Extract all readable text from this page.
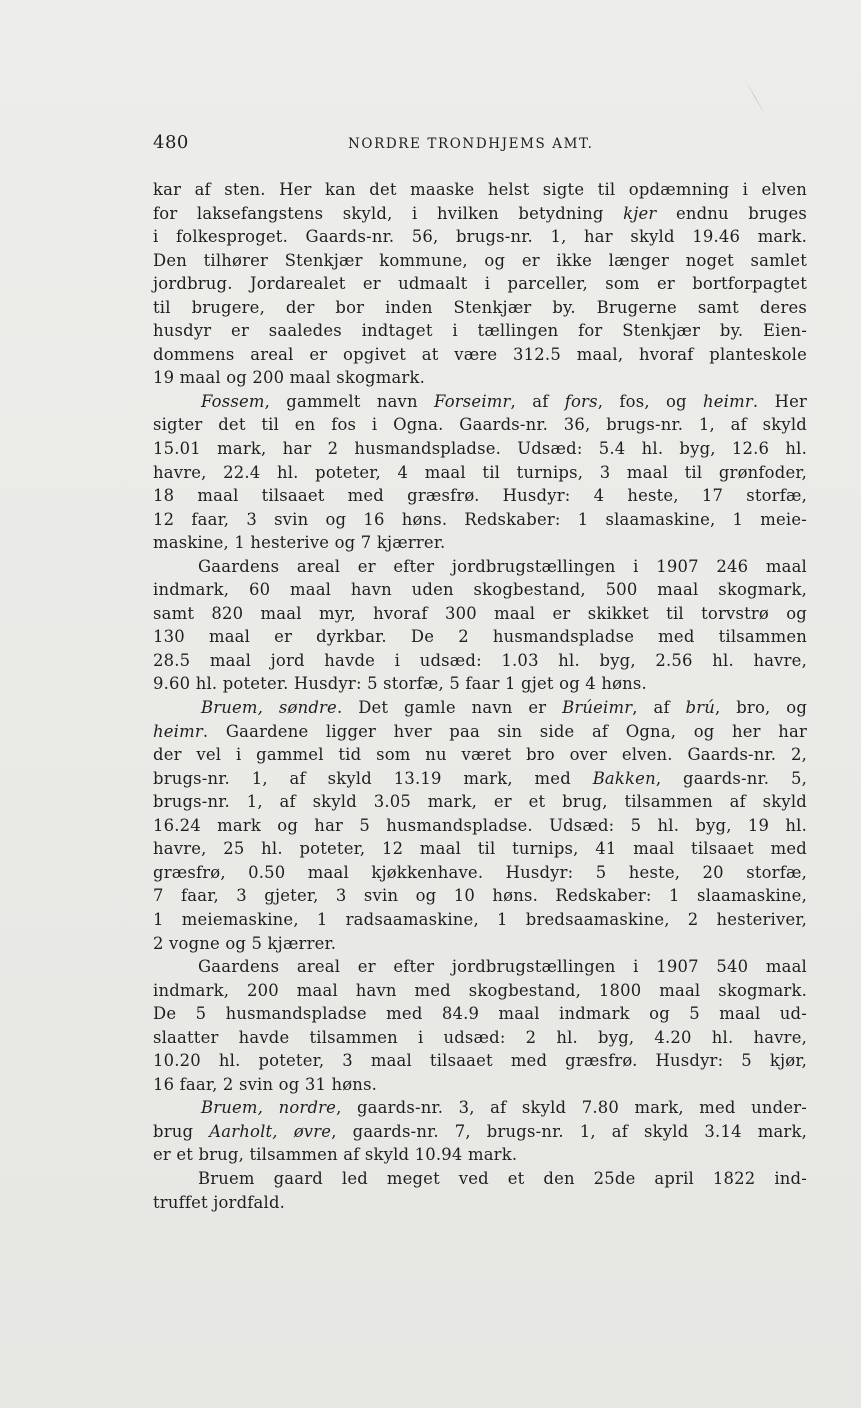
480	NORDRE TRONDHJEMS AMT.
kar af sten. Her kan det maaske helst sigte til opdæmning i elven
for laksefangstens skyld, i hvilken betydning kjer endnu bruges
i folkesproget. Gaards-nr. 56, brugs-nr. 1, har skyld 19.46 mark.
Den tilhører Stenkjær kommune, og er ikke længer noget samlet
jordbrug. Jordarealet er udmaalt i parceller, som er bortforpagtet
til brugere, der bor inden Stenkjær by. Brugerne samt deres
husdyr er saaledes indtaget i tællingen for Stenkjær by. Eien-
dommens areal er opgivet at være 312.5 maal, hvoraf planteskole
19 maal og 200 maal skogmark.
Fossem, gammelt navn Forseimr, af fors, fos, og heimr. Her
sigter det til en fos i Ogna. Gaards-nr. 36, brugs-nr. 1, af skyld
15.01 mark, har 2 husmandspladse. Udsæd: 5.4 hl. byg, 12.6 hl.
havre, 22.4 hl. poteter, 4 maal til turnips, 3 maal til grønfoder,
18 maal tilsaaet med græsfrø. Husdyr: 4 heste, 17 storfæ,
12 faar, 3 svin og 16 høns. Redskaber: 1 slaamaskine, 1 meie-
maskine, 1 hesterive og 7 kjærrer.
Gaardens areal er efter jordbrugstællingen i 1907 246 maal
indmark, 60 maal havn uden skogbestand, 500 maal skogmark,
samt 820 maal myr, hvoraf 300 maal er skikket til torvstrø og
130 maal er dyrkbar. De 2 husmandspladse med tilsammen
28.5 maal jord havde i udsæd: 1.03 hl. byg, 2.56 hl. havre,
9.60 hl. poteter. Husdyr: 5 storfæ, 5 faar 1 gjet og 4 høns.
Bruem, søndre. Det gamle navn er Brúeimr, af brú, bro, og
heimr. Gaardene ligger hver paa sin side af Ogna, og her har
der vel i gammel tid som nu været bro over elven. Gaards-nr. 2,
brugs-nr. 1, af skyld 13.19 mark, med Bakken, gaards-nr. 5,
brugs-nr. 1, af skyld 3.05 mark, er et brug, tilsammen af skyld
16.24 mark og har 5 husmandspladse. Udsæd: 5 hl. byg, 19 hl.
havre, 25 hl. poteter, 12 maal til turnips, 41 maal tilsaaet med
græsfrø, 0.50 maal kjøkkenhave. Husdyr: 5 heste, 20 storfæ,
7 faar, 3 gjeter, 3 svin og 10 høns. Redskaber: 1 slaamaskine,
1 meiemaskine, 1 radsaamaskine, 1 bredsaamaskine, 2 hesteriver,
2 vogne og 5 kjærrer.
Gaardens areal er efter jordbrugstællingen i 1907 540 maal
indmark, 200 maal havn med skogbestand, 1800 maal skogmark.
De 5 husmandspladse med 84.9 maal indmark og 5 maal ud-
slaatter havde tilsammen i udsæd: 2 hl. byg, 4.20 hl. havre,
10.20 hl. poteter, 3 maal tilsaaet med græsfrø. Husdyr: 5 kjør,
16 faar, 2 svin og 31 høns.
Bruem, nordre, gaards-nr. 3, af skyld 7.80 mark, med under-
brug Aarholt, øvre, gaards-nr. 7, brugs-nr. 1, af skyld 3.14 mark,
er et brug, tilsammen af skyld 10.94 mark.
Bruem gaard led meget ved et den 25de april 1822 ind-
truffet jordfald.
